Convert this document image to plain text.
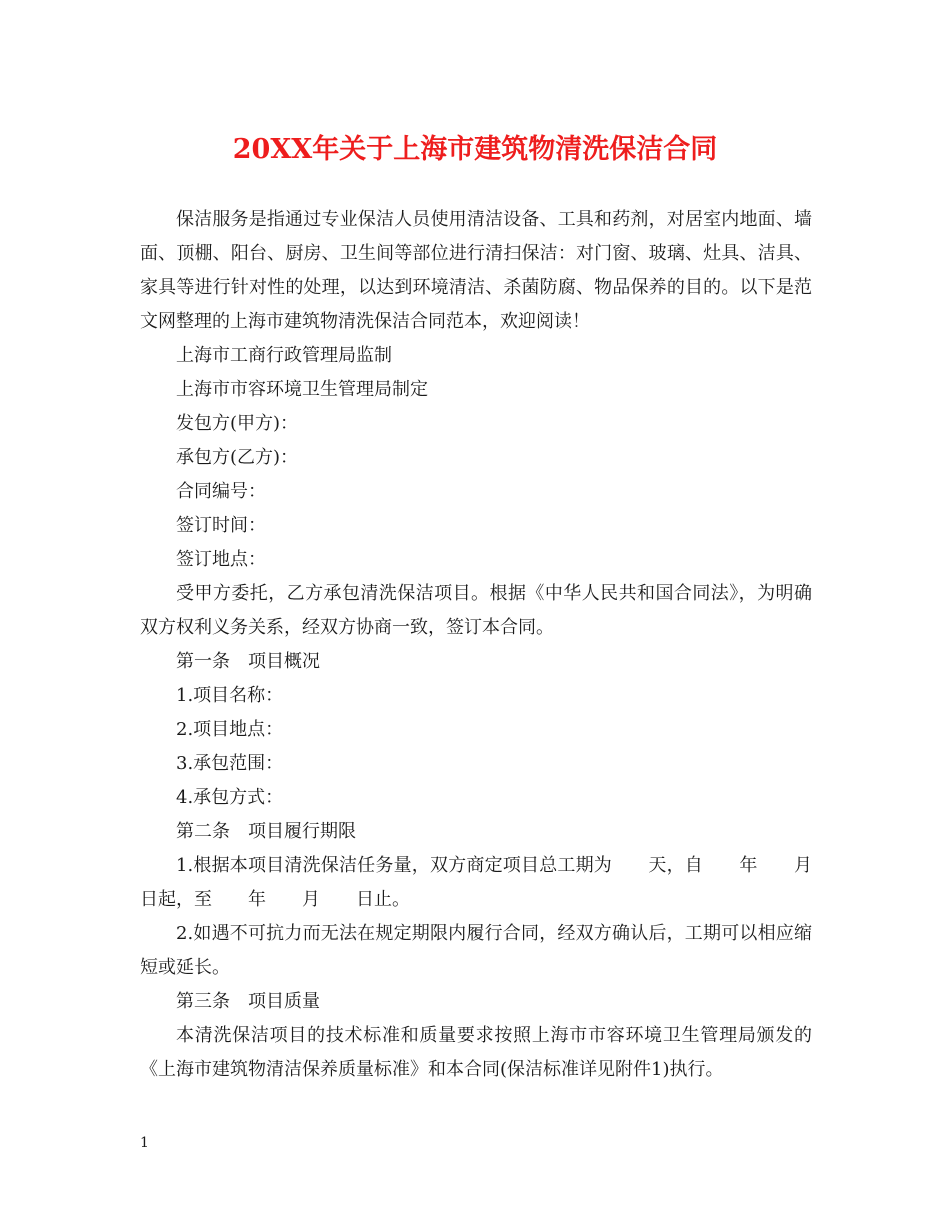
20XX年关于上海市建筑物清洗保洁合同

保洁服务是指通过专业保洁人员使用清洁设备、工具和药剂，对居室内地面、墙面、顶棚、阳台、厨房、卫生间等部位进行清扫保洁：对门窗、玻璃、灶具、洁具、家具等进行针对性的处理，以达到环境清洁、杀菌防腐、物品保养的目的。以下是范文网整理的上海市建筑物清洗保洁合同范本，欢迎阅读！

上海市工商行政管理局监制

上海市市容环境卫生管理局制定

发包方(甲方)：

承包方(乙方)：

合同编号：

签订时间：

签订地点：

受甲方委托，乙方承包清洗保洁项目。根据《中华人民共和国合同法》，为明确双方权利义务关系，经双方协商一致，签订本合同。

第一条　项目概况

1.项目名称：

2.项目地点：

3.承包范围：

4.承包方式：

第二条　项目履行期限

1.根据本项目清洗保洁任务量，双方商定项目总工期为　　天，自　　年　　月　　日起，至　　年　　月　　日止。

2.如遇不可抗力而无法在规定期限内履行合同，经双方确认后，工期可以相应缩短或延长。

第三条　项目质量

本清洗保洁项目的技术标准和质量要求按照上海市市容环境卫生管理局颁发的《上海市建筑物清洁保养质量标准》和本合同(保洁标准详见附件1)执行。

1
